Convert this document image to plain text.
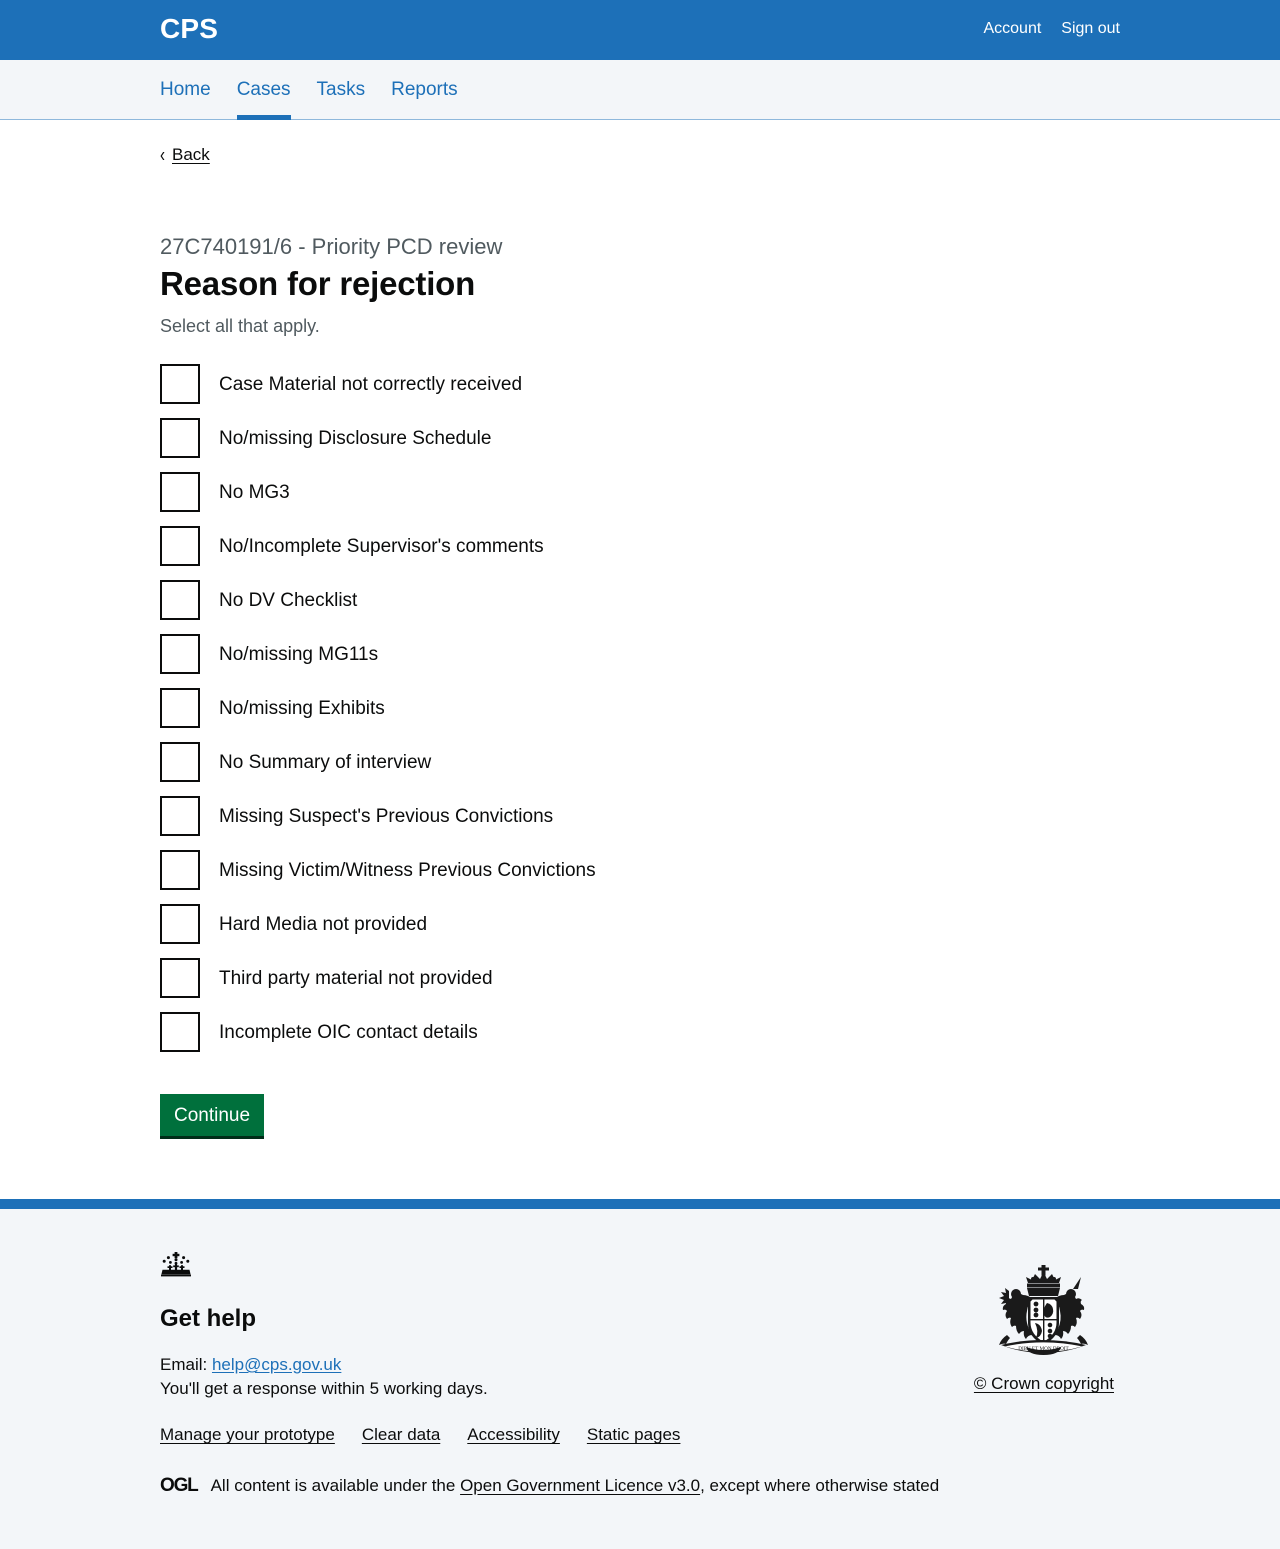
CPS	Account Sign out
Home	Cases	Tasks	Reports
‹ Back

27C740191/6 - Priority PCD review

Reason for rejection

Select all that apply.

Case Material not correctly received
No/missing Disclosure Schedule
No MG3
No/Incomplete Supervisor's comments
No DV Checklist
No/missing MG11s
No/missing Exhibits
No Summary of interview
Missing Suspect's Previous Convictions
Missing Victim/Witness Previous Convictions
Hard Media not provided
Third party material not provided
Incomplete OIC contact details
Continue
Get help

Email: help@cps.gov.uk
You'll get a response within 5 working days.

Manage your prototype Clear data Accessibility Static pages
OGL All content is available under the Open Government Licence v3.0, except where otherwise stated
DIEU ET MON DROIT
© Crown copyright
